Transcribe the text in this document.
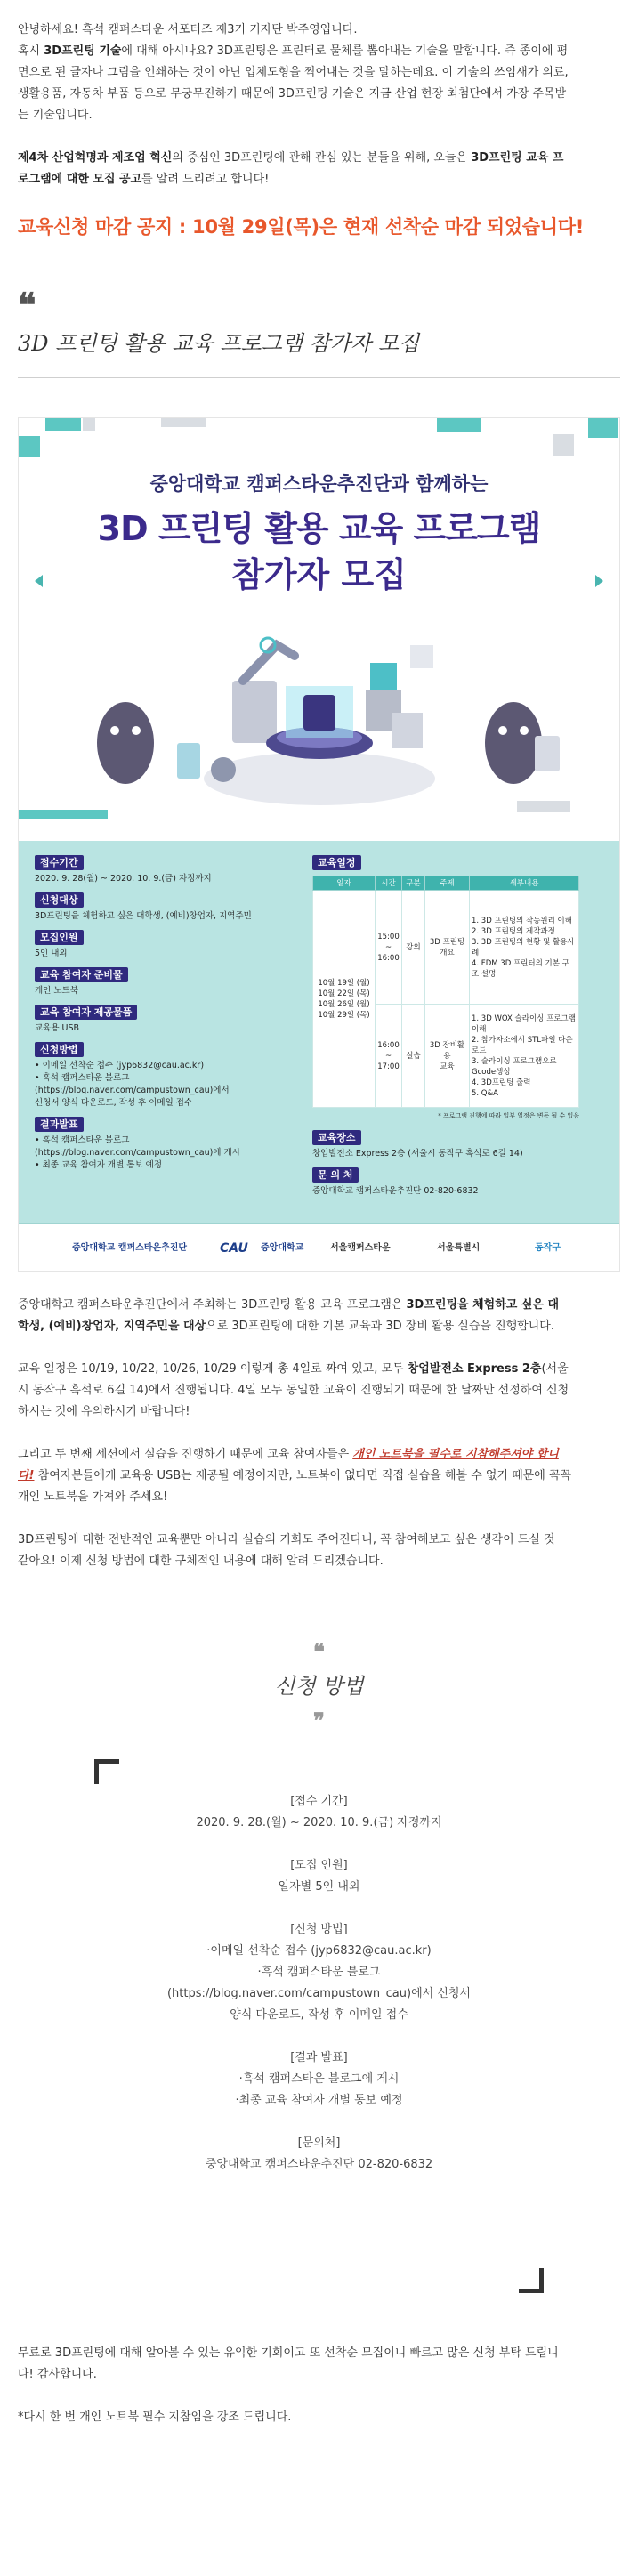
안녕하세요! 흑석 캠퍼스타운 서포터즈 제3기 기자단 박주영입니다.

혹시 3D프린팅 기술에 대해 아시나요? 3D프린팅은 프린터로 물체를 뽑아내는 기술을 말합니다. 즉 종이에 평

면으로 된 글자나 그림을 인쇄하는 것이 아닌 입체도형을 찍어내는 것을 말하는데요. 이 기술의 쓰임새가 의료,

생활용품, 자동차 부품 등으로 무궁무진하기 때문에 3D프린팅 기술은 지금 산업 현장 최첨단에서 가장 주목받

는 기술입니다.

제4차 산업혁명과 제조업 혁신의 중심인 3D프린팅에 관해 관심 있는 분들을 위해, 오늘은 3D프린팅 교육 프

로그램에 대한 모집 공고를 알려 드리려고 합니다!

교육신청 마감 공지 : 10월 29일(목)은 현재 선착순 마감 되었습니다!
❝
3D 프린팅 활용 교육 프로그램 참가자 모집
중앙대학교 캠퍼스타운추진단과 함께하는
3D 프린팅 활용 교육 프로그램
참가자 모집
접수기간
2020. 9. 28(월) ~ 2020. 10. 9.(금) 자정까지
신청대상
3D프린팅을 체험하고 싶은 대학생, (예비)창업자, 지역주민
모집인원
5인 내외
교육 참여자 준비물
개인 노트북
교육 참여자 제공물품
교육용 USB
신청방법
• 이메일 선착순 접수 (jyp6832@cau.ac.kr)
• 흑석 캠퍼스타운 블로그
(https://blog.naver.com/campustown_cau)에서
신청서 양식 다운로드, 작성 후 이메일 접수
결과발표
• 흑석 캠퍼스타운 블로그
(https://blog.naver.com/campustown_cau)에 게시
• 최종 교육 참여자 개별 통보 예정
교육일정
일자	시간	구분	주제	세부내용
10월 19일 (월)
10월 22일 (목)
10월 26일 (월)
10월 29일 (목)	15:00
~
16:00	강의	3D 프린팅
개요	1. 3D 프린팅의 작동원리 이해
2. 3D 프린팅의 제작과정
3. 3D 프린팅의 현황 및 활용사례
4. FDM 3D 프린터의 기본 구조 설명
	16:00
~
17:00	실습	3D 장비활용
교육	1. 3D WOX 슬라이싱 프로그램 이해
2. 참가자소에서 STL파일 다운로드
3. 슬라이싱 프로그램으로 Gcode생성
4. 3D프린팅 출력
5. Q&A
* 프로그램 진행에 따라 일부 일정은 변동 될 수 있음
교육장소
창업발전소 Express 2층 (서울시 동작구 흑석로 6길 14)
문 의 처
중앙대학교 캠퍼스타운추진단 02-820-6832
중앙대학교 캠퍼스타운추진단	CAU 중앙대학교	서울캠퍼스타운	서울특별시	동작구

중앙대학교 캠퍼스타운추진단에서 주최하는 3D프린팅 활용 교육 프로그램은 3D프린팅을 체험하고 싶은 대

학생, (예비)창업자, 지역주민을 대상으로 3D프린팅에 대한 기본 교육과 3D 장비 활용 실습을 진행합니다.

교육 일정은 10/19, 10/22, 10/26, 10/29 이렇게 총 4일로 짜여 있고, 모두 창업발전소 Express 2층(서울

시 동작구 흑석로 6길 14)에서 진행됩니다. 4일 모두 동일한 교육이 진행되기 때문에 한 날짜만 선정하여 신청

하시는 것에 유의하시기 바랍니다!

그리고 두 번째 세션에서 실습을 진행하기 때문에 교육 참여자들은 개인 노트북을 필수로 지참해주셔야 합니

다! 참여자분들에게 교육용 USB는 제공될 예정이지만, 노트북이 없다면 직접 실습을 해볼 수 없기 때문에 꼭꼭

개인 노트북을 가져와 주세요!

3D프린팅에 대한 전반적인 교육뿐만 아니라 실습의 기회도 주어진다니, 꼭 참여해보고 싶은 생각이 드실 것

같아요! 이제 신청 방법에 대한 구체적인 내용에 대해 알려 드리겠습니다.

❝
신청 방법
❞
[접수 기간]
2020. 9. 28.(월) ~ 2020. 10. 9.(금) 자정까지
[모집 인원]
일자별 5인 내외
[신청 방법]
·이메일 선착순 접수 (jyp6832@cau.ac.kr)
·흑석 캠퍼스타운 블로그
(https://blog.naver.com/campustown_cau)에서 신청서
양식 다운로드, 작성 후 이메일 접수
[결과 발표]
·흑석 캠퍼스타운 블로그에 게시
·최종 교육 참여자 개별 통보 예정
[문의처]
중앙대학교 캠퍼스타운추진단 02-820-6832

무료로 3D프린팅에 대해 알아볼 수 있는 유익한 기회이고 또 선착순 모집이니 빠르고 많은 신청 부탁 드립니

다! 감사합니다.

*다시 한 번 개인 노트북 필수 지참임을 강조 드립니다.
